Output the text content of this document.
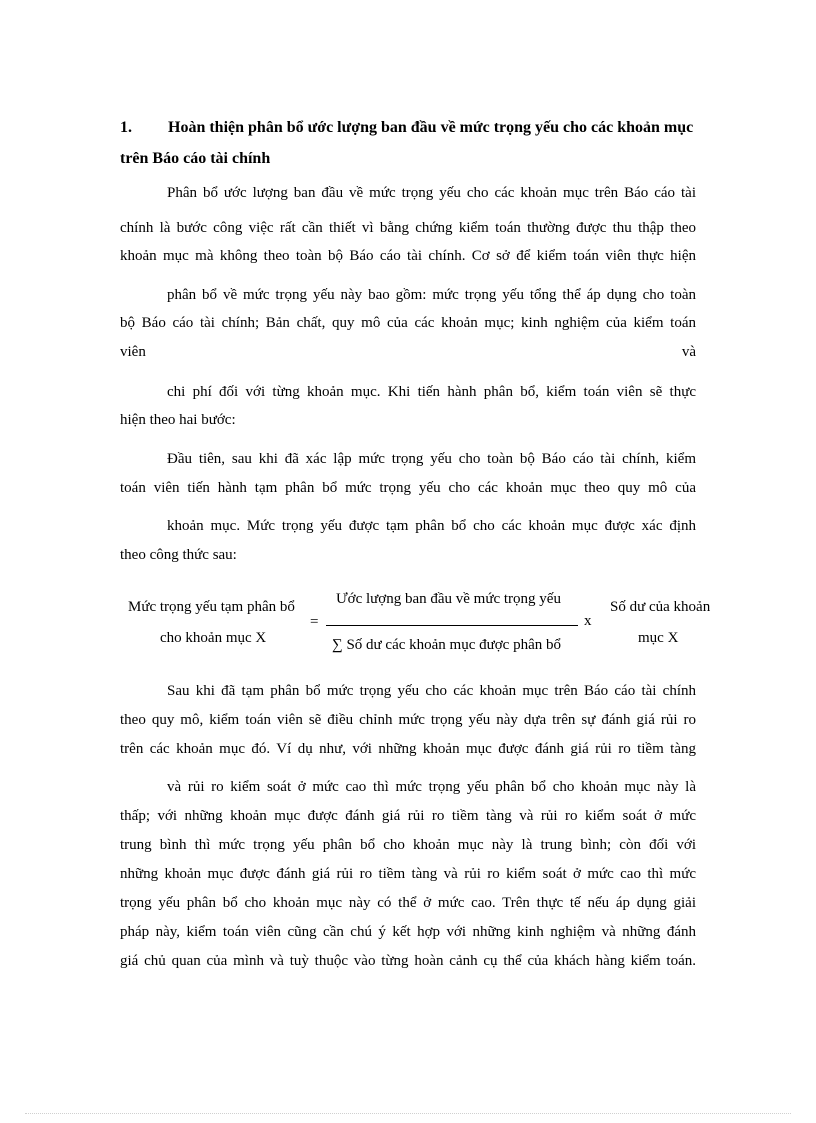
1. Hoàn thiện phân bổ ước lượng ban đầu về mức trọng yếu cho các khoản mục
trên Báo cáo tài chính
Phân bổ ước lượng ban đầu về mức trọng yếu cho các khoản mục trên Báo cáo tài
chính là bước công việc rất cần thiết vì bằng chứng kiểm toán thường được thu thập theo
khoản mục mà không theo toàn bộ Báo cáo tài chính. Cơ sở để kiểm toán viên thực hiện
phân bổ về mức trọng yếu này bao gồm: mức trọng yếu tổng thể áp dụng cho toàn
bộ Báo cáo tài chính; Bản chất, quy mô của các khoản mục; kinh nghiệm của kiểm toán
viên	và
chi phí đối với từng khoản mục. Khi tiến hành phân bổ, kiểm toán viên sẽ thực
hiện theo hai bước:
Đầu tiên, sau khi đã xác lập mức trọng yếu cho toàn bộ Báo cáo tài chính, kiểm
toán viên tiến hành tạm phân bổ mức trọng yếu cho các khoản mục theo quy mô của
khoản mục. Mức trọng yếu được tạm phân bổ cho các khoản mục được xác định
theo công thức sau:
Mức trọng yếu tạm phân bổ
cho khoản mục X
=
Ước lượng ban đầu về mức trọng yếu
∑ Số dư các khoản mục được phân bổ
x
Số dư của khoản
mục X
Sau khi đã tạm phân bổ mức trọng yếu cho các khoản mục trên Báo cáo tài chính
theo quy mô, kiểm toán viên sẽ điều chỉnh mức trọng yếu này dựa trên sự đánh giá rủi ro
trên các khoản mục đó. Ví dụ như, với những khoản mục được đánh giá rủi ro tiềm tàng
và rủi ro kiểm soát ở mức cao thì mức trọng yếu phân bổ cho khoản mục này là
thấp; với những khoản mục được đánh giá rủi ro tiềm tàng và rủi ro kiểm soát ở mức
trung bình thì mức trọng yếu phân bổ cho khoản mục này là trung bình; còn đối với
những khoản mục được đánh giá rủi ro tiềm tàng và rủi ro kiểm soát ở mức cao thì mức
trọng yếu phân bổ cho khoản mục này có thể ở mức cao. Trên thực tế nếu áp dụng giải
pháp này, kiểm toán viên cũng cần chú ý kết hợp với những kinh nghiệm và những đánh
giá chủ quan của mình và tuỳ thuộc vào từng hoàn cảnh cụ thể của khách hàng kiểm toán.
